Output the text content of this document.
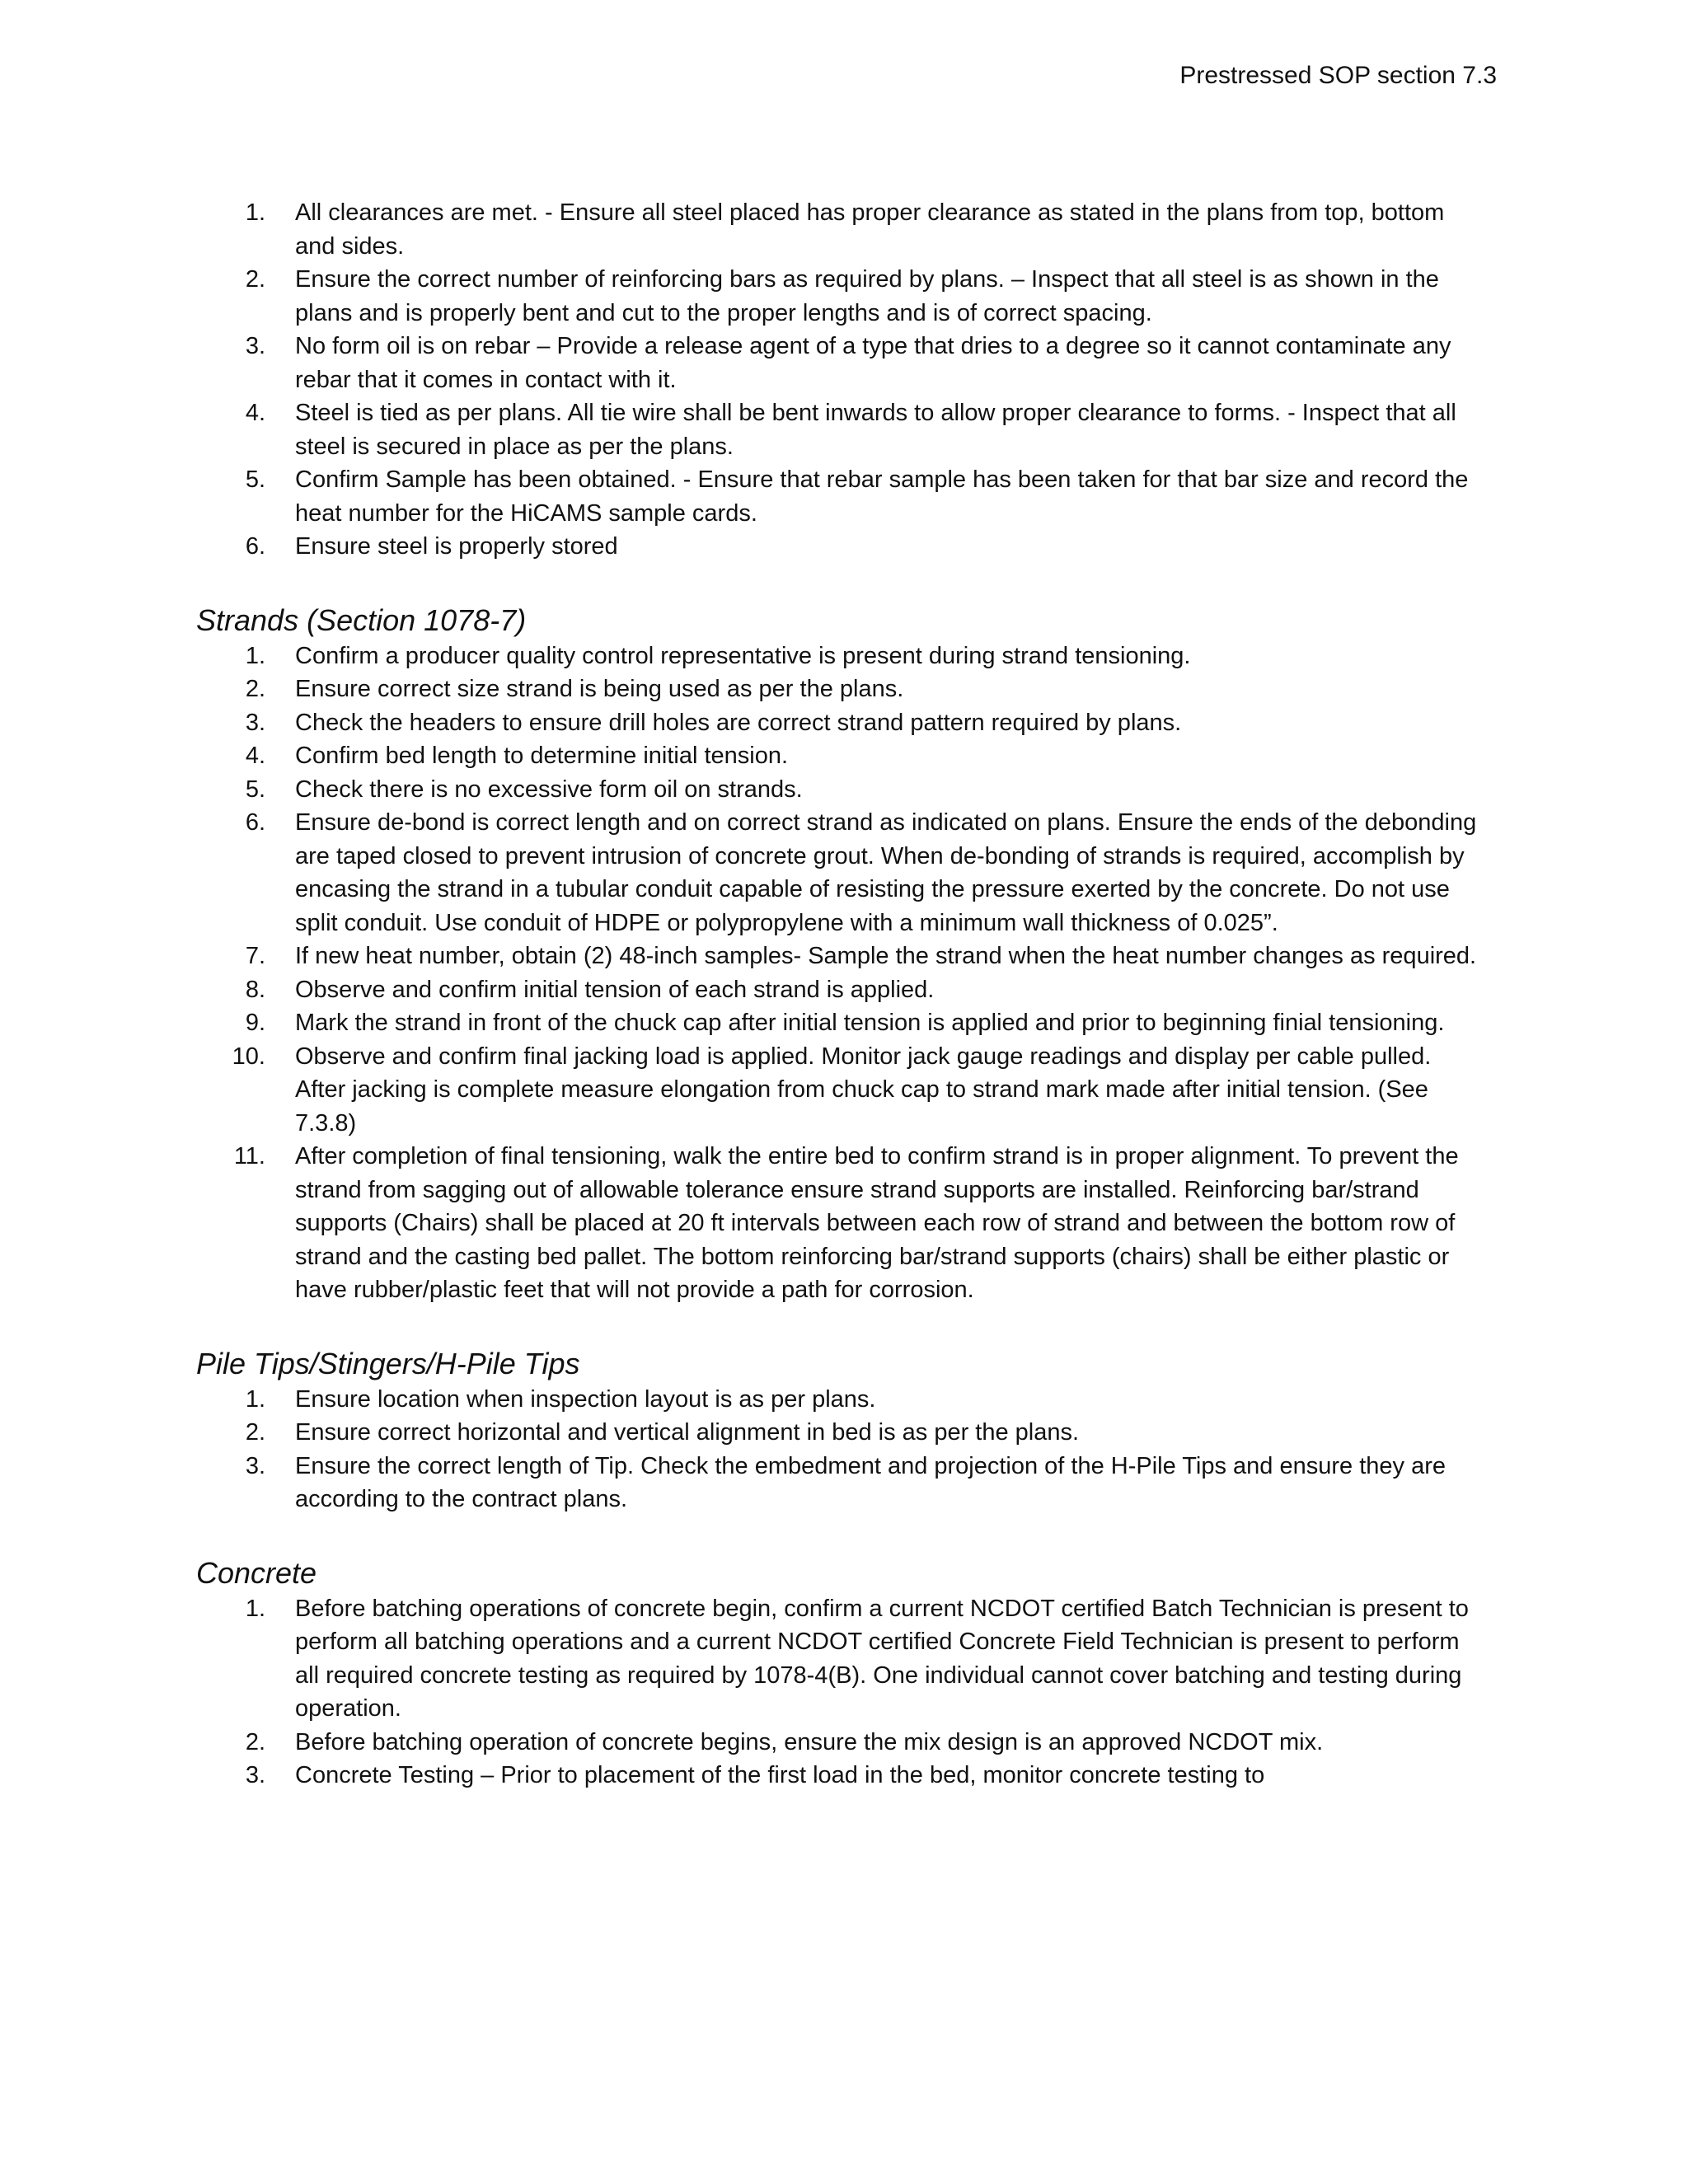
Prestressed SOP section 7.3
1. All clearances are met. - Ensure all steel placed has proper clearance as stated in the plans from top, bottom and sides.
2. Ensure the correct number of reinforcing bars as required by plans. – Inspect that all steel is as shown in the plans and is properly bent and cut to the proper lengths and is of correct spacing.
3. No form oil is on rebar – Provide a release agent of a type that dries to a degree so it cannot contaminate any rebar that it comes in contact with it.
4. Steel is tied as per plans. All tie wire shall be bent inwards to allow proper clearance to forms. - Inspect that all steel is secured in place as per the plans.
5. Confirm Sample has been obtained. - Ensure that rebar sample has been taken for that bar size and record the heat number for the HiCAMS sample cards.
6. Ensure steel is properly stored
Strands (Section 1078-7)
1. Confirm a producer quality control representative is present during strand tensioning.
2. Ensure correct size strand is being used as per the plans.
3. Check the headers to ensure drill holes are correct strand pattern required by plans.
4. Confirm bed length to determine initial tension.
5. Check there is no excessive form oil on strands.
6. Ensure de-bond is correct length and on correct strand as indicated on plans. Ensure the ends of the debonding are taped closed to prevent intrusion of concrete grout. When de-bonding of strands is required, accomplish by encasing the strand in a tubular conduit capable of resisting the pressure exerted by the concrete. Do not use split conduit. Use conduit of HDPE or polypropylene with a minimum wall thickness of 0.025”.
7. If new heat number, obtain (2) 48-inch samples- Sample the strand when the heat number changes as required.
8. Observe and confirm initial tension of each strand is applied.
9. Mark the strand in front of the chuck cap after initial tension is applied and prior to beginning finial tensioning.
10. Observe and confirm final jacking load is applied. Monitor jack gauge readings and display per cable pulled. After jacking is complete measure elongation from chuck cap to strand mark made after initial tension. (See 7.3.8)
11. After completion of final tensioning, walk the entire bed to confirm strand is in proper alignment. To prevent the strand from sagging out of allowable tolerance ensure strand supports are installed. Reinforcing bar/strand supports (Chairs) shall be placed at 20 ft intervals between each row of strand and between the bottom row of strand and the casting bed pallet. The bottom reinforcing bar/strand supports (chairs) shall be either plastic or have rubber/plastic feet that will not provide a path for corrosion.
Pile Tips/Stingers/H-Pile Tips
1. Ensure location when inspection layout is as per plans.
2. Ensure correct horizontal and vertical alignment in bed is as per the plans.
3. Ensure the correct length of Tip. Check the embedment and projection of the H-Pile Tips and ensure they are according to the contract plans.
Concrete
1. Before batching operations of concrete begin, confirm a current NCDOT certified Batch Technician is present to perform all batching operations and a current NCDOT certified Concrete Field Technician is present to perform all required concrete testing as required by 1078-4(B). One individual cannot cover batching and testing during operation.
2. Before batching operation of concrete begins, ensure the mix design is an approved NCDOT mix.
3. Concrete Testing – Prior to placement of the first load in the bed, monitor concrete testing to
